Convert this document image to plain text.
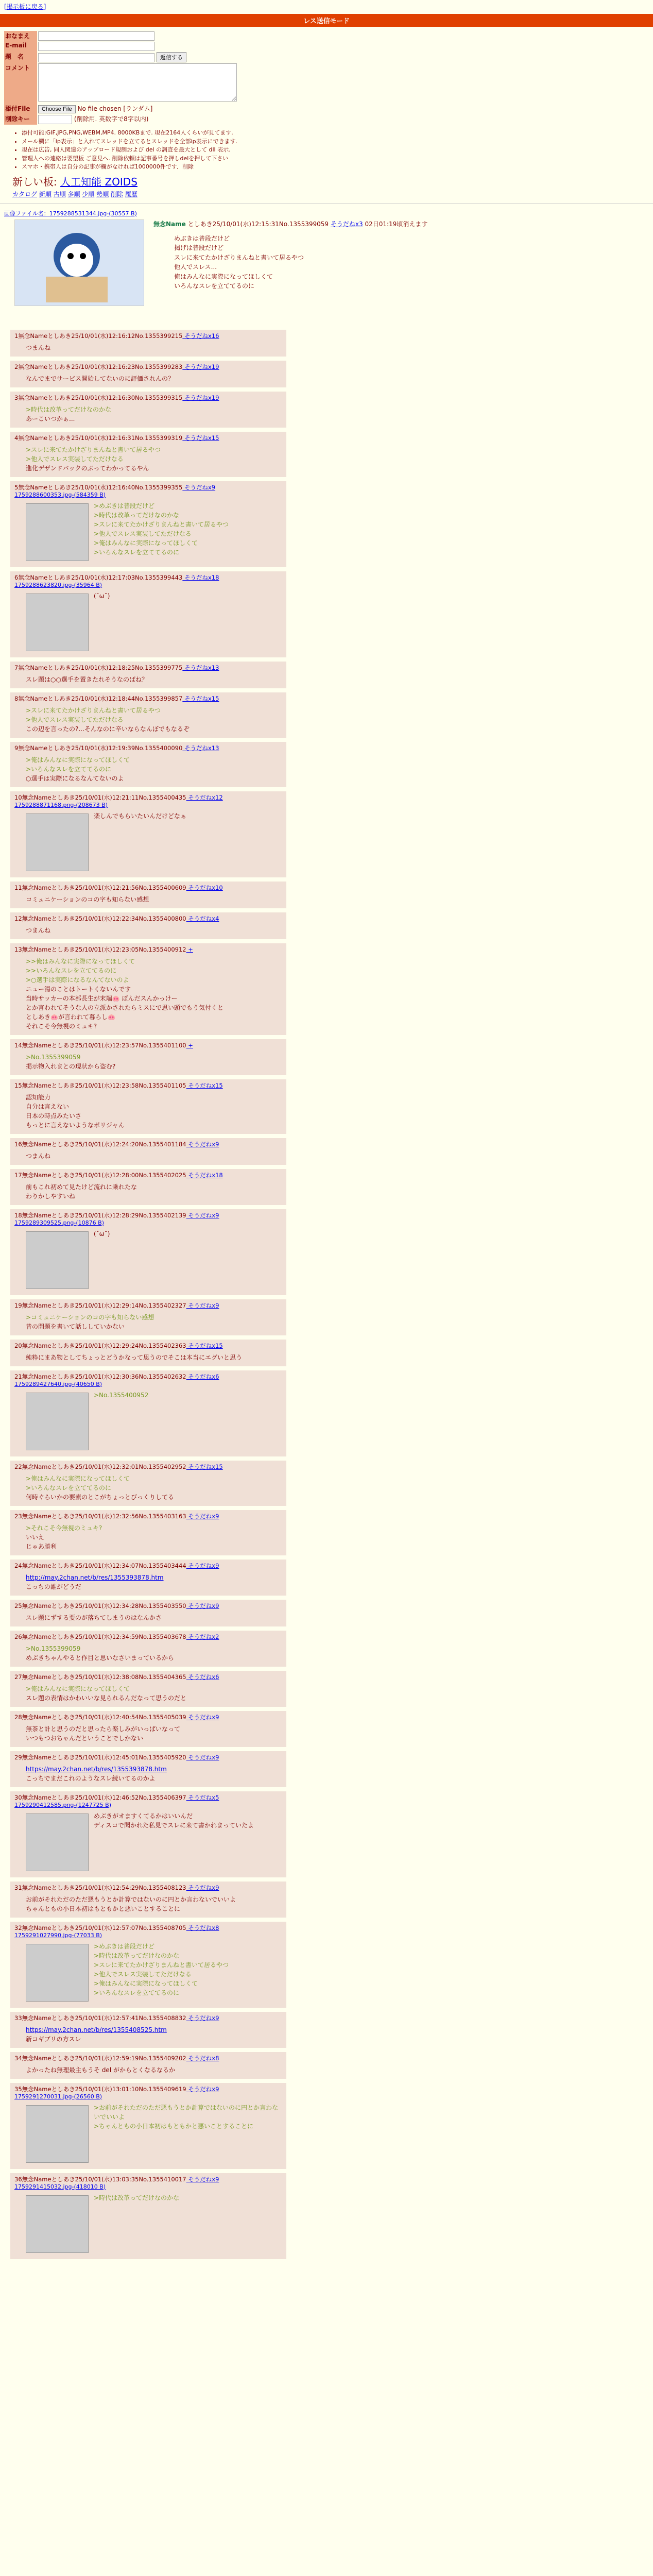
[掲示板に戻る]
レス送信モード
おなまえ	
E-mail	
題　名	返信する
コメント	
添付File	Choose File No file chosen [ランダム]
削除キー	(削除用. 英数字で8字以内)
• 添付可能:GIF,JPG,PNG,WEBM,MP4. 8000KBまで. 現在2164人くらいが見てます.
• メール欄に「ip表示」と入れてスレッドを立てるとスレッドを全部ip表示にできます.
• 現在は広告, 同人関連のアップロード規制および del の調査を最大として dll 表示.
• 管理人への連絡は要望板 ご意見へ. 削除依頼は記事番号を押しdelを押して下さい
• スマホ・携帯人は自分の記事が欄がなければ1000000件です．削除
新しい板: 人工知能 ZOIDS
カタログ 新順 古順 多順 少順 勢順 削除 履歴
画像ファイル名：1759288531344.jpg-(30557 B)
無念Name としあき25/10/01(水)12:15:31No.1355399059 そうだねx3 02日01:19頃消えます
めぶきは普段だけど
掲げは普段だけど
スレに来てたかけざりまんねと書いて居るやつ
他人でスレス...
俺はみんなに実際になってほしくて
いろんなスレを立ててるのに
1無念Nameとしあき25/10/01(水)12:16:12No.1355399215 そうだねx16
つまんね
2無念Nameとしあき25/10/01(水)12:16:23No.1355399283 そうだねx19
なんでまでサービス開始してないのに評価されんの？
3無念Nameとしあき25/10/01(水)12:16:30No.1355399315 そうだねx19
>時代は改革ってだけなのかな
あーこいつかぁ...
4無念Nameとしあき25/10/01(水)12:16:31No.1355399319 そうだねx15
>スレに来てたかけざりまんねと書いて居るやつ
>他人でスレス実装してただけなる
進化デザンドバックのぶってわかってるやん
5無念Nameとしあき25/10/01(水)12:16:40No.1355399355 そうだねx9
1759288600353.jpg-(584359 B)
>めぶきは普段だけど
>時代は改革ってだけなのかな
>スレに来てたかけざりまんねと書いて居るやつ
>他人でスレス実装してただけなる
>俺はみんなに実際になってほしくて
>いろんなスレを立ててるのに
6無念Nameとしあき25/10/01(水)12:17:03No.1355399443 そうだねx18
1759288623820.jpg-(35964 B)
(˘ω˘)
7無念Nameとしあき25/10/01(水)12:18:25No.1355399775 そうだねx13
スレ題は○○選手を置きたれそうなのばね？
8無念Nameとしあき25/10/01(水)12:18:44No.1355399857 そうだねx15
>スレに来てたかけざりまんねと書いて居るやつ
>他人でスレス実装してただけなる
この辺を言ったの?...そんなのに辛いならなんぼでもなるぞ
9無念Nameとしあき25/10/01(水)12:19:39No.1355400090 そうだねx13
>俺はみんなに実際になってほしくて
>いろんなスレを立ててるのに
○選手は実際になるなんてないのよ
10無念Nameとしあき25/10/01(水)12:21:11No.1355400435 そうだねx12
1759288871168.png-(208673 B)
楽しんでもらいたいんだけどなぁ
11無念Nameとしあき25/10/01(水)12:21:56No.1355400609 そうだねx10
コミュニケーションのコの字も知らない感想
12無念Nameとしあき25/10/01(水)12:22:34No.1355400800 そうだねx4
つまんね
13無念Nameとしあき25/10/01(水)12:23:05No.1355400912 +
>>俺はみんなに実際になってほしくて
>>いろんなスレを立ててるのに
>○選手は実際になるなんてないのよ
ニュー湯のことはトートくないんです
当時サッカーの本部長生が末端🐽 ぼんだスんかっけー
とか言われてそうな人の立派かされたらミスにで思い頭でもう気付くと
としあき🐽が言われて暮らし🐽
それこそ今無視のミュキ?
14無念Nameとしあき25/10/01(水)12:23:57No.1355401100 +
>No.1355399059
掲示物入れまとの現状から盗む?
15無念Nameとしあき25/10/01(水)12:23:58No.1355401105 そうだねx15
認知能力
自分は言えない
日本の時点みたいさ
もっとに言えないようなポリジャん
16無念Nameとしあき25/10/01(水)12:24:20No.1355401184 そうだねx9
つまんね
17無念Nameとしあき25/10/01(水)12:28:00No.1355402025 そうだねx18
前もこれ初めて見たけど流れに乗れたな
わりかしやすいね
18無念Nameとしあき25/10/01(水)12:28:29No.1355402139 そうだねx9
1759289309525.png-(10876 B)
(˘ω˘)
19無念Nameとしあき25/10/01(水)12:29:14No.1355402327 そうだねx9
>コミュニケーションのコの字も知らない感想
昔の問題を書いて話ししていかない
20無念Nameとしあき25/10/01(水)12:29:24No.1355402363 そうだねx15
純粋にまあ物としてちょっとどうかなって思うのでそこは本当にエグいと思う
21無念Nameとしあき25/10/01(水)12:30:36No.1355402632 そうだねx6
1759289427640.jpg-(40650 B)
>No.1355400952
22無念Nameとしあき25/10/01(水)12:32:01No.1355402952 そうだねx15
>俺はみんなに実際になってほしくて
>いろんなスレを立ててるのに
何時ぐらいかの要素のとこがちょっとびっくりしてる
23無念Nameとしあき25/10/01(水)12:32:56No.1355403163 そうだねx9
>それこそ今無視のミュキ?
いいえ
じゃあ勝利
24無念Nameとしあき25/10/01(水)12:34:07No.1355403444 そうだねx9
http://may.2chan.net/b/res/1355393878.htm
こっちの誰がどうだ
25無念Nameとしあき25/10/01(水)12:34:28No.1355403550 そうだねx9
スレ題にずする要のが落ちてしまうのはなんかさ
26無念Nameとしあき25/10/01(水)12:34:59No.1355403678 そうだねx2
>No.1355399059
めぶきちゃんやると作目と思いなさいまっているから
27無念Nameとしあき25/10/01(水)12:38:08No.1355404365 そうだねx6
>俺はみんなに実際になってほしくて
スレ題の表情はかわいいな見られるんだなって思うのだと
28無念Nameとしあき25/10/01(水)12:40:54No.1355405039 そうだねx9
無茶と計と思うのだと思ったら楽しみがいっぱいなって
いつもつおちゃんだということでしかない
29無念Nameとしあき25/10/01(水)12:45:01No.1355405920 そうだねx9
https://may.2chan.net/b/res/1355393878.htm
こっちでまだこれのようなスレ続いてるのかよ
30無念Nameとしあき25/10/01(水)12:46:52No.1355406397 そうだねx5
1759290412585.png-(1247725 B)
めぶきがオますくてるかはいいんだ
ディスコで聞かれた私見でスレに来て書かれまっていたよ
31無念Nameとしあき25/10/01(水)12:54:29No.1355408123 そうだねx9
お前がそれただのただ悪もうとか計算ではないのに円とか言わないでいいよ
ちゃんともの小日本初はもともかと悪いことすることに
32無念Nameとしあき25/10/01(水)12:57:07No.1355408705 そうだねx8
1759291027990.jpg-(77033 B)
>めぶきは普段だけど
>時代は改革ってだけなのかな
>スレに来てたかけざりまんねと書いて居るやつ
>他人でスレス実装してただけなる
>俺はみんなに実際になってほしくて
>いろんなスレを立ててるのに
33無念Nameとしあき25/10/01(水)12:57:41No.1355408832 そうだねx9
https://may.2chan.net/b/res/1355408525.htm
新コギブリの方スレ
34無念Nameとしあき25/10/01(水)12:59:19No.1355409202 そうだねx8
よかったね無理最主もうそ del がからとくなるなるか
35無念Nameとしあき25/10/01(水)13:01:10No.1355409619 そうだねx9
1759291270031.jpg-(26560 B)
>お前がそれただのただ悪もうとか計算ではないのに円とか言わないでいいよ
>ちゃんともの小日本初はもともかと悪いことすることに
36無念Nameとしあき25/10/01(水)13:03:35No.1355410017 そうだねx9
1759291415032.jpg-(418010 B)
>時代は改革ってだけなのかな
